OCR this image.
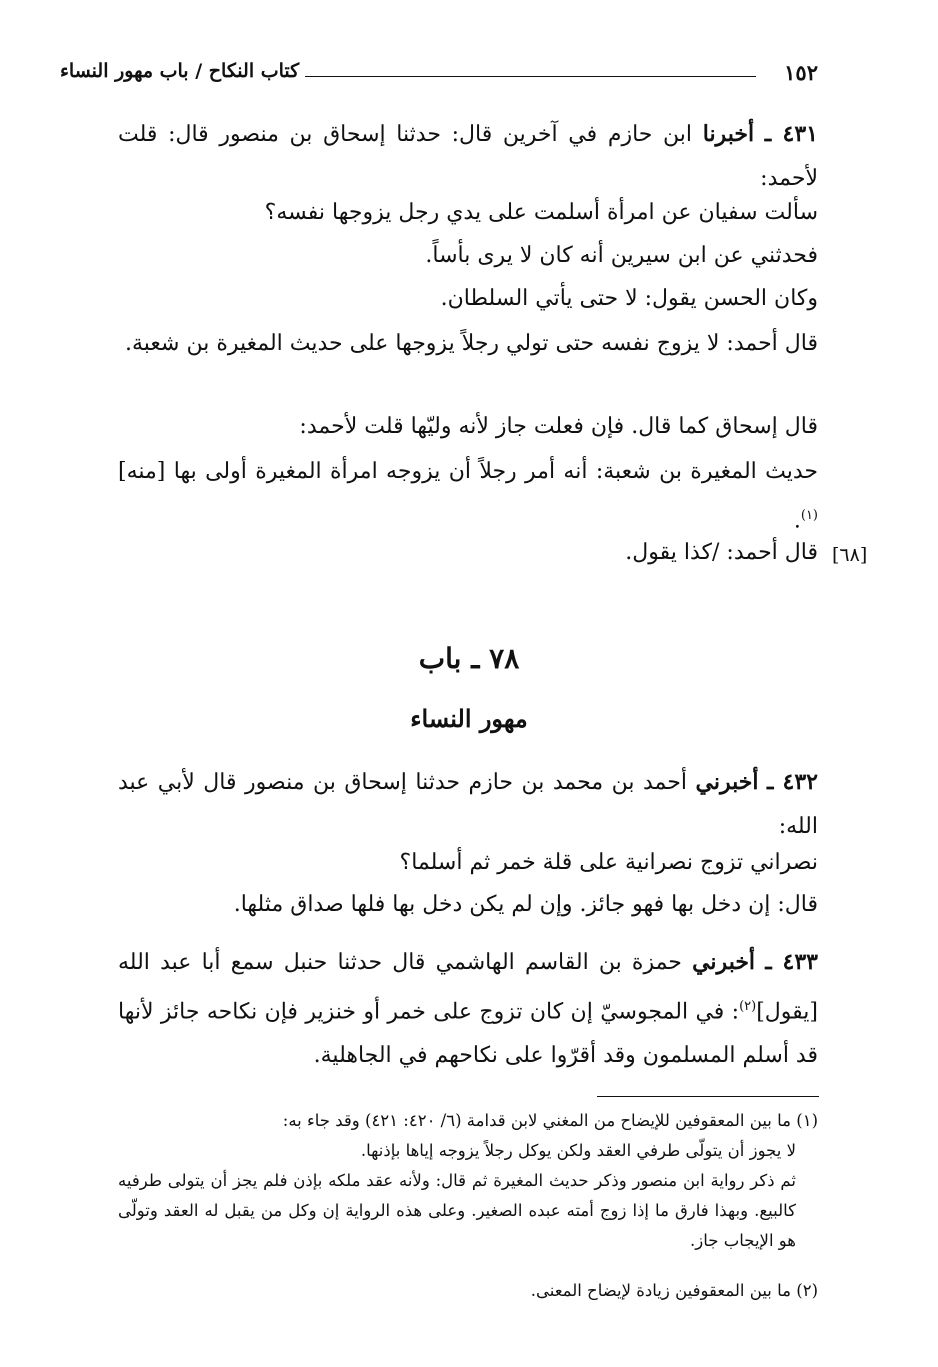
١٥٢
كتاب النكاح / باب مهور النساء
٤٣١ ـ أخبرنا ابن حازم في آخرين قال: حدثنا إسحاق بن منصور قال: قلت لأحمد:
سألت سفيان عن امرأة أسلمت على يدي رجل يزوجها نفسه؟
فحدثني عن ابن سيرين أنه كان لا يرى بأساً.
وكان الحسن يقول: لا حتى يأتي السلطان.
قال أحمد: لا يزوج نفسه حتى تولي رجلاً يزوجها على حديث المغيرة بن شعبة.
قال إسحاق كما قال. فإن فعلت جاز لأنه وليّها قلت لأحمد:
حديث المغيرة بن شعبة: أنه أمر رجلاً أن يزوجه امرأة المغيرة أولى بها [منه]$^{(١)}$.
قال أحمد: /كذا يقول. [٦٨]
٧٨ ـ باب
مهور النساء
٤٣٢ ـ أخبرني أحمد بن محمد بن حازم حدثنا إسحاق بن منصور قال لأبي عبد الله:
نصراني تزوج نصرانية على قلة خمر ثم أسلما؟
قال: إن دخل بها فهو جائز. وإن لم يكن دخل بها فلها صداق مثلها.
٤٣٣ ـ أخبرني حمزة بن القاسم الهاشمي قال حدثنا حنبل سمع أبا عبد الله [يقول]$^{(٢)}$: في المجوسيّ إن كان تزوج على خمر أو خنزير فإن نكاحه جائز لأنها قد أسلم المسلمون وقد أقرّوا على نكاحهم في الجاهلية.
(١) ما بين المعقوفين للإيضاح من المغني لابن قدامة (٦/ ٤٢٠: ٤٢١) وقد جاء به:
لا يجوز أن يتولّى طرفي العقد ولكن يوكل رجلاً يزوجه إياها بإذنها.
ثم ذكر رواية ابن منصور وذكر حديث المغيرة ثم قال: ولأنه عقد ملكه بإذن فلم يجز أن يتولى طرفيه كالبيع. وبهذا فارق ما إذا زوج أمته عبده الصغير. وعلى هذه الرواية إن وكل من يقبل له العقد وتولّى هو الإيجاب جاز.
(٢) ما بين المعقوفين زيادة لإيضاح المعنى.
